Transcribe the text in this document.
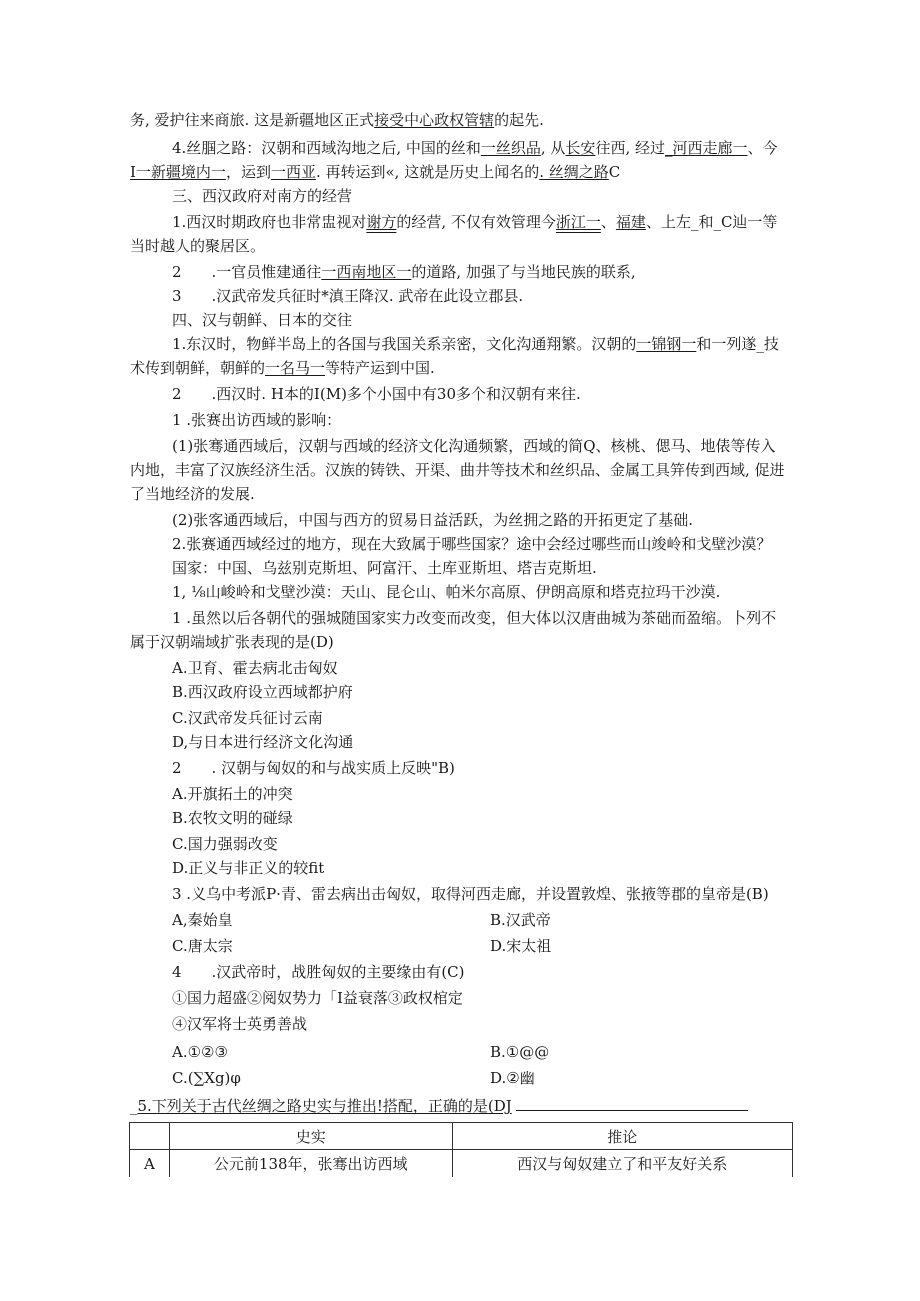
务, 爱护往来商旅. 这是新疆地区正式接受中心政权管辖的起先.
4.丝腘之路：汉朝和西域沟地之后, 中国的丝和一丝织品, 从长安往西, 经过_河西走廊一、今
I一新疆境内一，运到一西亚. 再转运到«, 这就是历史上闻名的. 丝绸之路C
三、西汉政府对南方的经营
1.西汉时期政府也非常盅视对谢方的经营, 不仅有效管理今浙江一、福建、上左_和_C辿一等
当时越人的聚居区。
2　　.一官员惟建通往一西南地区一的道路, 加强了与当地民族的联系,
3　　.汉武帝发兵征时*滇王降汉. 武帝在此设立郡县.
四、汉与朝鲜、日本的交往
1.东汉时，物鲜半岛上的各国与我国关系亲密，文化沟通翔繁。汉朝的一锦钢一和一列遂_技
术传到朝鲜，朝鲜的一名马一等特产运到中国.
2　　.西汉时. H本的I(M)多个小国中有30多个和汉朝有来往.
1 .张赛出访西域的影响：
(1)张骞通西域后，汉朝与西域的经济文化沟通频繁，西域的简Q、核桃、偲马、地俵等传入
内地，丰富了汉族经济生活。汉族的铸铁、开渠、曲井等技术和丝织品、金属工具笄传到西域, 促进
了当地经济的发展.
(2)张客通西域后，中国与西方的贸易日益活跃，为丝拥之路的开拓更定了基础.
2.张赛通西域经过的地方，现在大致属于哪些国家？途中会经过哪些而山竣岭和戈壁沙漠？
国家：中国、乌兹别克斯坦、阿富汗、土库亚斯坦、塔吉克斯坦.
1, ⅛山峻岭和戈壁沙漠：天山、昆仑山、帕米尔高原、伊朗高原和塔克拉玛干沙漠.
1 .虽然以后各朝代的强城随国家实力改变而改变，但大体以汉唐曲城为茶础而盈缩。卜列不
属于汉朝端域扩张表现的是(D)
A.卫育、霍去病北击匈奴
B.西汉政府设立西域都护府
C.汉武帝发兵征讨云南
D,与日本进行经济文化沟通
2　　. 汉朝与匈奴的和与战实质上反映"B)
A.开旗拓土的冲突
B.农牧文明的碰绿
C.国力强弱改变
D.正义与非正义的较fit
3 .义乌中考派P·青、雷去病出击匈奴，取得河西走廊，并设置敦煌、张掖等郡的皇帝是(B)
A,秦始皇	B.汉武帝
C.唐太宗	D.宋太祖
4　　.汉武帝时，战胜匈奴的主要缘由有(C)
①国力超盛②阅奴势力「I益衰落③政权棺定
④汉军将士英勇善战
A.①②③	B.①@@
C.(∑Xg)φ	D.②幽
_5.下列关于古代丝绸之路史实与推出!搭配，正确的是(DJ
	史实	推论
A	公元前138年，张骞出访西域	西汉与匈奴建立了和平友好关系
